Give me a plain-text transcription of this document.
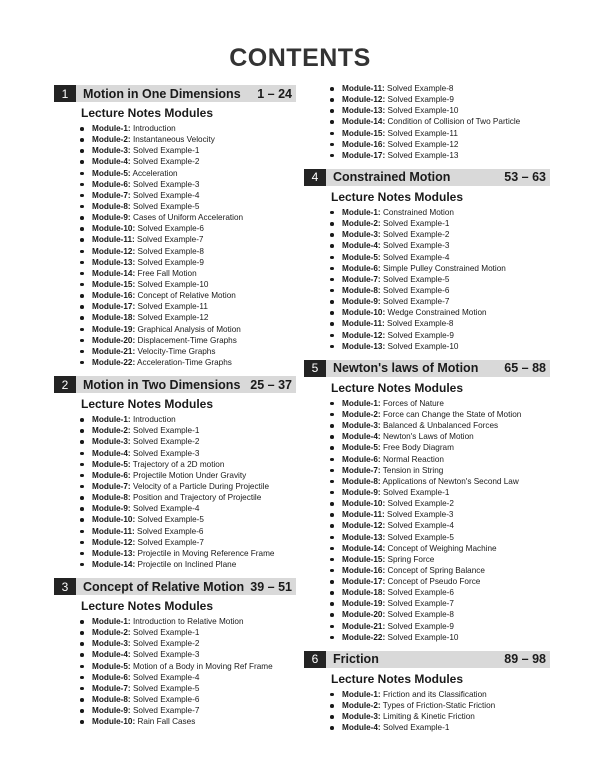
CONTENTS
1	Motion in One Dimensions	1 – 24
Lecture Notes Modules
Module-1: Introduction
Module-2: Instantaneous Velocity
Module-3: Solved Example-1
Module-4: Solved Example-2
Module-5: Acceleration
Module-6: Solved Example-3
Module-7: Solved Example-4
Module-8: Solved Example-5
Module-9: Cases of Uniform Acceleration
Module-10: Solved Example-6
Module-11: Solved Example-7
Module-12: Solved Example-8
Module-13: Solved Example-9
Module-14: Free Fall Motion
Module-15: Solved Example-10
Module-16: Concept of Relative Motion
Module-17: Solved Example-11
Module-18: Solved Example-12
Module-19: Graphical Analysis of Motion
Module-20: Displacement-Time Graphs
Module-21: Velocity-Time Graphs
Module-22: Acceleration-Time Graphs
2	Motion in Two Dimensions 25 – 37
Lecture Notes Modules
Module-1: Introduction
Module-2: Solved Example-1
Module-3: Solved Example-2
Module-4: Solved Example-3
Module-5: Trajectory of a 2D motion
Module-6: Projectile Motion Under Gravity
Module-7: Velocity of a Particle During Projectile
Module-8: Position and Trajectory of Projectile
Module-9: Solved Example-4
Module-10: Solved Example-5
Module-11: Solved Example-6
Module-12: Solved Example-7
Module-13: Projectile in Moving Reference Frame
Module-14: Projectile on Inclined Plane
3	Concept of Relative Motion 39 – 51
Lecture Notes Modules
Module-1: Introduction to Relative Motion
Module-2: Solved Example-1
Module-3: Solved Example-2
Module-4: Solved Example-3
Module-5: Motion of a Body in Moving Ref Frame
Module-6: Solved Example-4
Module-7: Solved Example-5
Module-8: Solved Example-6
Module-9: Solved Example-7
Module-10: Rain Fall Cases
Module-11: Solved Example-8
Module-12: Solved Example-9
Module-13: Solved Example-10
Module-14: Condition of Collision of Two Particle
Module-15: Solved Example-11
Module-16: Solved Example-12
Module-17: Solved Example-13
4	Constrained Motion	53 – 63
Lecture Notes Modules
Module-1: Constrained Motion
Module-2: Solved Example-1
Module-3: Solved Example-2
Module-4: Solved Example-3
Module-5: Solved Example-4
Module-6: Simple Pulley Constrained Motion
Module-7: Solved Example-5
Module-8: Solved Example-6
Module-9: Solved Example-7
Module-10: Wedge Constrained Motion
Module-11: Solved Example-8
Module-12: Solved Example-9
Module-13: Solved Example-10
5	Newton's laws of Motion	65 – 88
Lecture Notes Modules
Module-1: Forces of Nature
Module-2: Force can Change the State of Motion
Module-3: Balanced & Unbalanced Forces
Module-4: Newton's Laws of Motion
Module-5: Free Body Diagram
Module-6: Normal Reaction
Module-7: Tension in String
Module-8: Applications of Newton's Second Law
Module-9: Solved Example-1
Module-10: Solved Example-2
Module-11: Solved Example-3
Module-12: Solved Example-4
Module-13: Solved Example-5
Module-14: Concept of Weighing Machine
Module-15: Spring Force
Module-16: Concept of Spring Balance
Module-17: Concept of Pseudo Force
Module-18: Solved Example-6
Module-19: Solved Example-7
Module-20: Solved Example-8
Module-21: Solved Example-9
Module-22: Solved Example-10
6	Friction	89 – 98
Lecture Notes Modules
Module-1: Friction and its Classification
Module-2: Types of Friction-Static Friction
Module-3: Limiting & Kinetic Friction
Module-4: Solved Example-1
